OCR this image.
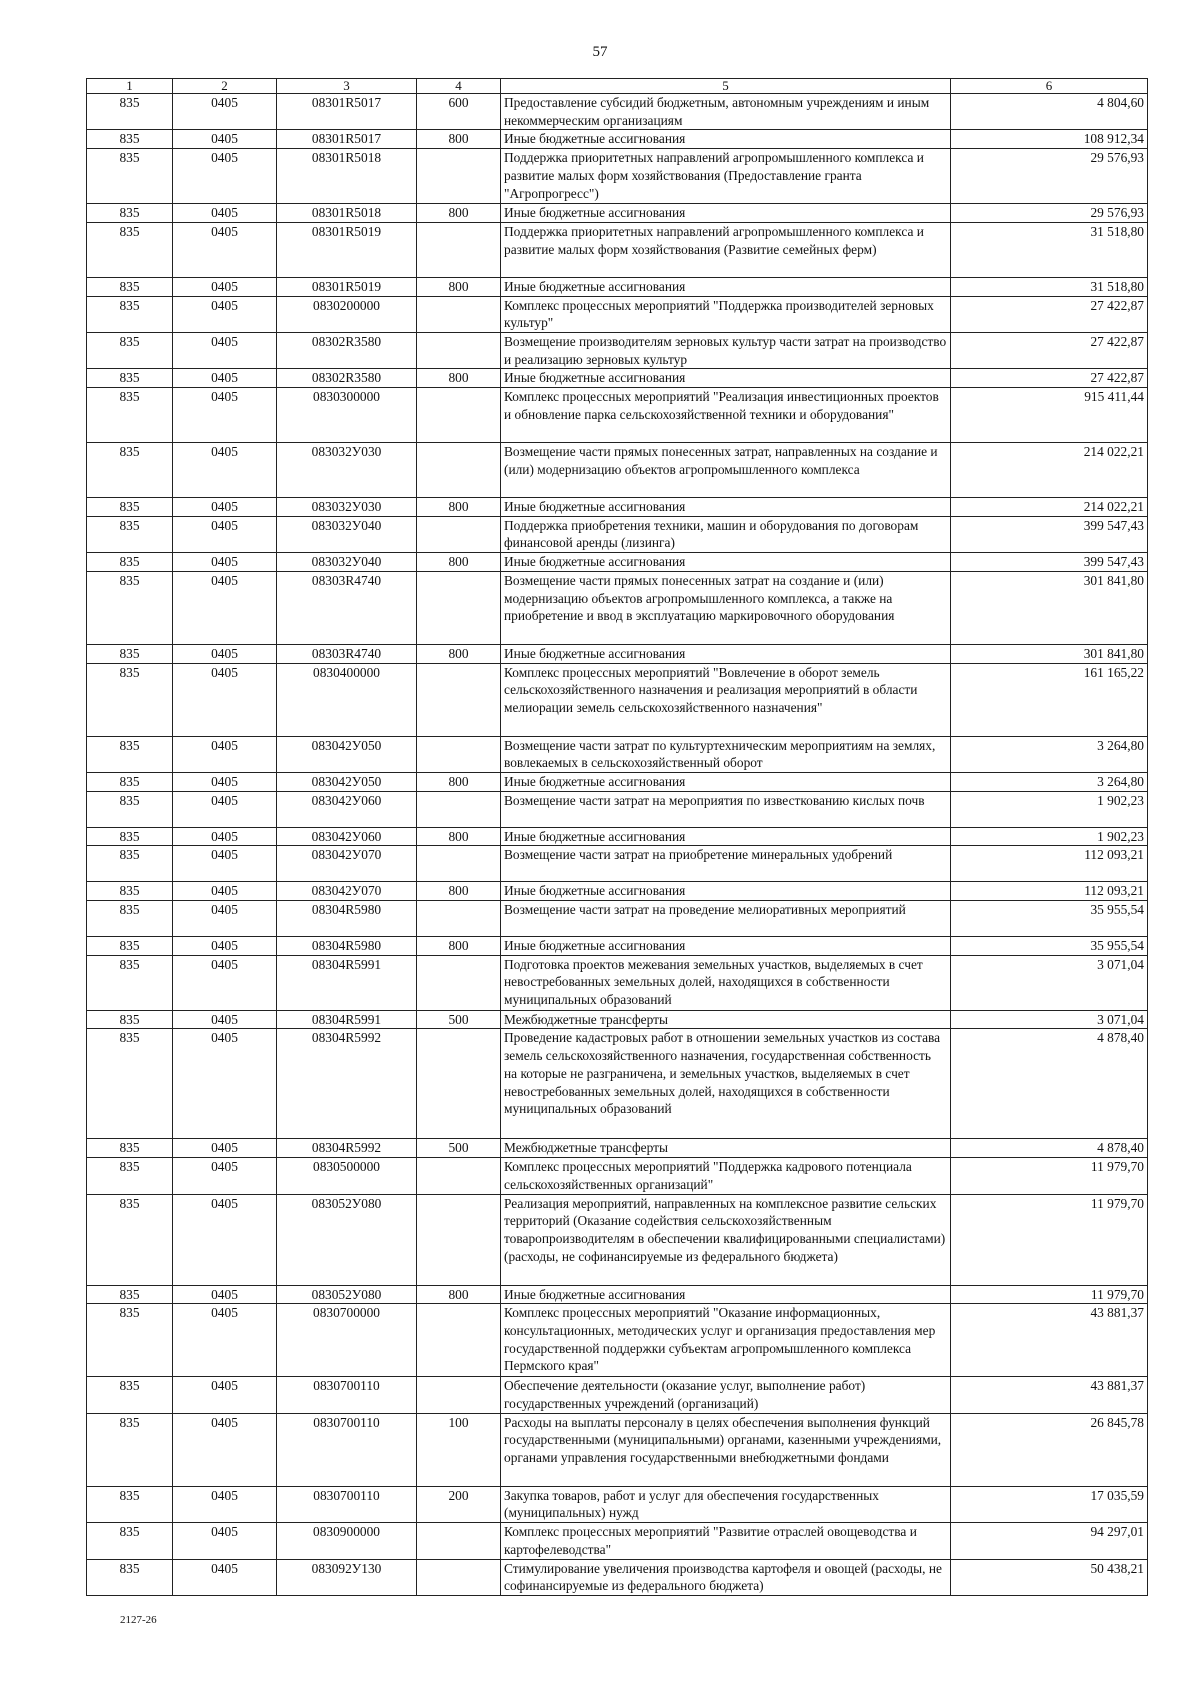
57
1	2	3	4	5	6
835	0405	08301R5017	600	Предоставление субсидий бюджетным, автономным учреждениям и иным некоммерческим организациям	4 804,60
835	0405	08301R5017	800	Иные бюджетные ассигнования	108 912,34
835	0405	08301R5018		Поддержка приоритетных направлений агропромышленного комплекса и развитие малых форм хозяйствования (Предоставление гранта "Агропрогресс")	29 576,93
835	0405	08301R5018	800	Иные бюджетные ассигнования	29 576,93
835	0405	08301R5019		Поддержка приоритетных направлений агропромышленного комплекса и развитие малых форм хозяйствования (Развитие семейных ферм)	31 518,80
835	0405	08301R5019	800	Иные бюджетные ассигнования	31 518,80
835	0405	0830200000		Комплекс процессных мероприятий "Поддержка производителей зерновых культур"	27 422,87
835	0405	08302R3580		Возмещение производителям зерновых культур части затрат на производство и реализацию зерновых культур	27 422,87
835	0405	08302R3580	800	Иные бюджетные ассигнования	27 422,87
835	0405	0830300000		Комплекс процессных мероприятий "Реализация инвестиционных проектов и обновление парка сельскохозяйственной техники и оборудования"	915 411,44
835	0405	083032У030		Возмещение части прямых понесенных затрат, направленных на создание и (или) модернизацию объектов агропромышленного комплекса	214 022,21
835	0405	083032У030	800	Иные бюджетные ассигнования	214 022,21
835	0405	083032У040		Поддержка приобретения техники, машин и оборудования по договорам финансовой аренды (лизинга)	399 547,43
835	0405	083032У040	800	Иные бюджетные ассигнования	399 547,43
835	0405	08303R4740		Возмещение части прямых понесенных затрат на создание и (или) модернизацию объектов агропромышленного комплекса, а также на приобретение и ввод в эксплуатацию маркировочного оборудования	301 841,80
835	0405	08303R4740	800	Иные бюджетные ассигнования	301 841,80
835	0405	0830400000		Комплекс процессных мероприятий "Вовлечение в оборот земель сельскохозяйственного назначения и реализация мероприятий в области мелиорации земель сельскохозяйственного назначения"	161 165,22
835	0405	083042У050		Возмещение части затрат по культуртехническим мероприятиям на землях, вовлекаемых в сельскохозяйственный оборот	3 264,80
835	0405	083042У050	800	Иные бюджетные ассигнования	3 264,80
835	0405	083042У060		Возмещение части затрат на мероприятия по известкованию кислых почв	1 902,23
835	0405	083042У060	800	Иные бюджетные ассигнования	1 902,23
835	0405	083042У070		Возмещение части затрат на приобретение минеральных удобрений	112 093,21
835	0405	083042У070	800	Иные бюджетные ассигнования	112 093,21
835	0405	08304R5980		Возмещение части затрат на проведение мелиоративных мероприятий	35 955,54
835	0405	08304R5980	800	Иные бюджетные ассигнования	35 955,54
835	0405	08304R5991		Подготовка проектов межевания земельных участков, выделяемых в счет невостребованных земельных долей, находящихся в собственности муниципальных образований	3 071,04
835	0405	08304R5991	500	Межбюджетные трансферты	3 071,04
835	0405	08304R5992		Проведение кадастровых работ в отношении земельных участков из состава земель сельскохозяйственного назначения, государственная собственность на которые не разграничена, и земельных участков, выделяемых в счет невостребованных земельных долей, находящихся в собственности муниципальных образований	4 878,40
835	0405	08304R5992	500	Межбюджетные трансферты	4 878,40
835	0405	0830500000		Комплекс процессных мероприятий "Поддержка кадрового потенциала сельскохозяйственных организаций"	11 979,70
835	0405	083052У080		Реализация мероприятий, направленных на комплексное развитие сельских территорий (Оказание содействия сельскохозяйственным товаропроизводителям в обеспечении квалифицированными специалистами) (расходы, не софинансируемые из федерального бюджета)	11 979,70
835	0405	083052У080	800	Иные бюджетные ассигнования	11 979,70
835	0405	0830700000		Комплекс процессных мероприятий "Оказание информационных, консультационных, методических услуг и организация предоставления мер государственной поддержки субъектам агропромышленного комплекса Пермского края"	43 881,37
835	0405	0830700110		Обеспечение деятельности (оказание услуг, выполнение работ) государственных учреждений (организаций)	43 881,37
835	0405	0830700110	100	Расходы на выплаты персоналу в целях обеспечения выполнения функций государственными (муниципальными) органами, казенными учреждениями, органами управления государственными внебюджетными фондами	26 845,78
835	0405	0830700110	200	Закупка товаров, работ и услуг для обеспечения государственных (муниципальных) нужд	17 035,59
835	0405	0830900000		Комплекс процессных мероприятий "Развитие отраслей овощеводства и картофелеводства"	94 297,01
835	0405	083092У130		Стимулирование увеличения производства картофеля и овощей (расходы, не софинансируемые из федерального бюджета)	50 438,21
2127-26
